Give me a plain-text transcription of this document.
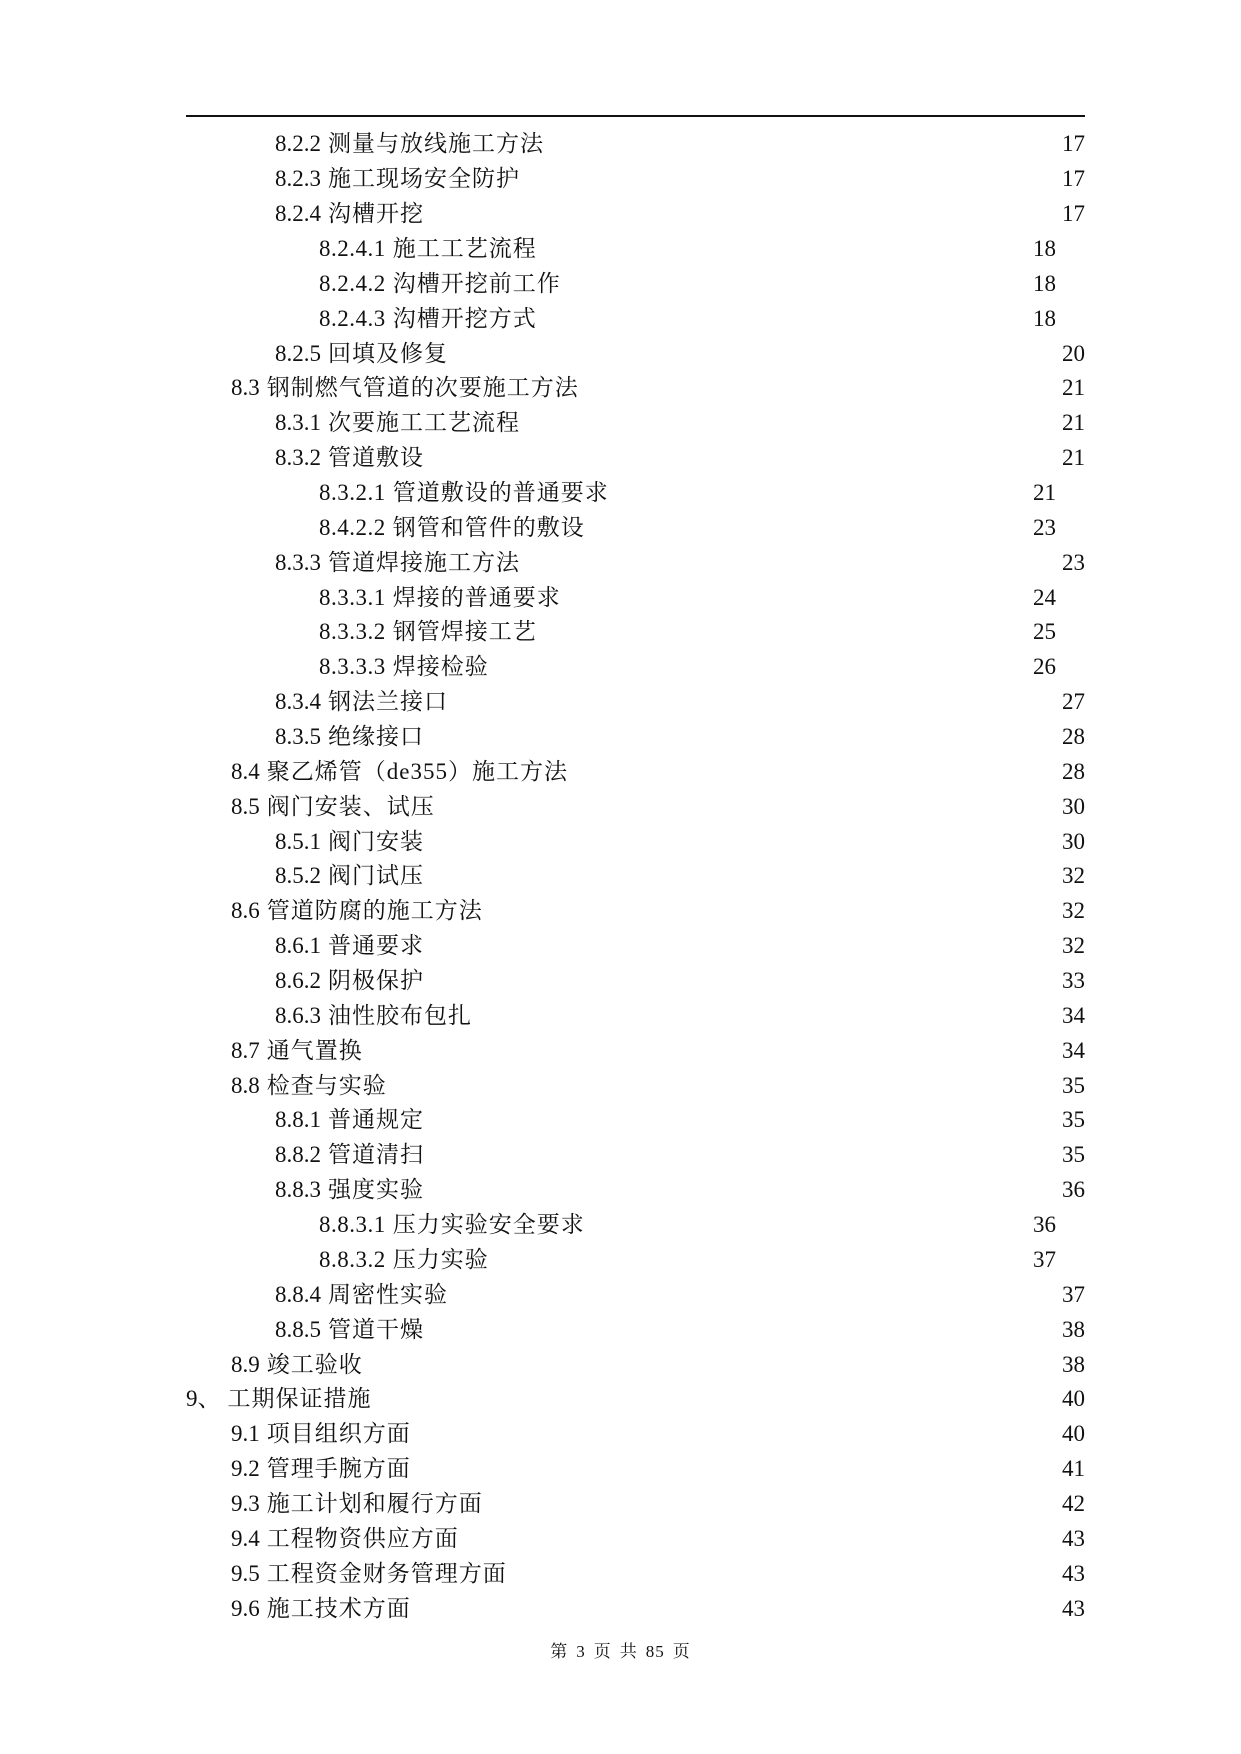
8.2.2 测量与放线施工方法	17
8.2.3 施工现场安全防护	17
8.2.4 沟槽开挖	17
8.2.4.1 施工工艺流程	18
8.2.4.2 沟槽开挖前工作	18
8.2.4.3 沟槽开挖方式	18
8.2.5 回填及修复	20
8.3 钢制燃气管道的次要施工方法	21
8.3.1 次要施工工艺流程	21
8.3.2 管道敷设	21
8.3.2.1 管道敷设的普通要求	21
8.4.2.2 钢管和管件的敷设	23
8.3.3 管道焊接施工方法	23
8.3.3.1 焊接的普通要求	24
8.3.3.2 钢管焊接工艺	25
8.3.3.3 焊接检验	26
8.3.4 钢法兰接口	27
8.3.5 绝缘接口	28
8.4 聚乙烯管（de355）施工方法	28
8.5 阀门安装、试压	30
8.5.1 阀门安装	30
8.5.2 阀门试压	32
8.6 管道防腐的施工方法	32
8.6.1 普通要求	32
8.6.2 阴极保护	33
8.6.3 油性胶布包扎	34
8.7 通气置换	34
8.8 检查与实验	35
8.8.1 普通规定	35
8.8.2 管道清扫	35
8.8.3 强度实验	36
8.8.3.1 压力实验安全要求	36
8.8.3.2 压力实验	37
8.8.4 周密性实验	37
8.8.5 管道干燥	38
8.9 竣工验收	38
9、 工期保证措施	40
9.1 项目组织方面	40
9.2 管理手腕方面	41
9.3 施工计划和履行方面	42
9.4 工程物资供应方面	43
9.5 工程资金财务管理方面	43
9.6 施工技术方面	43
第 3 页 共 85 页
